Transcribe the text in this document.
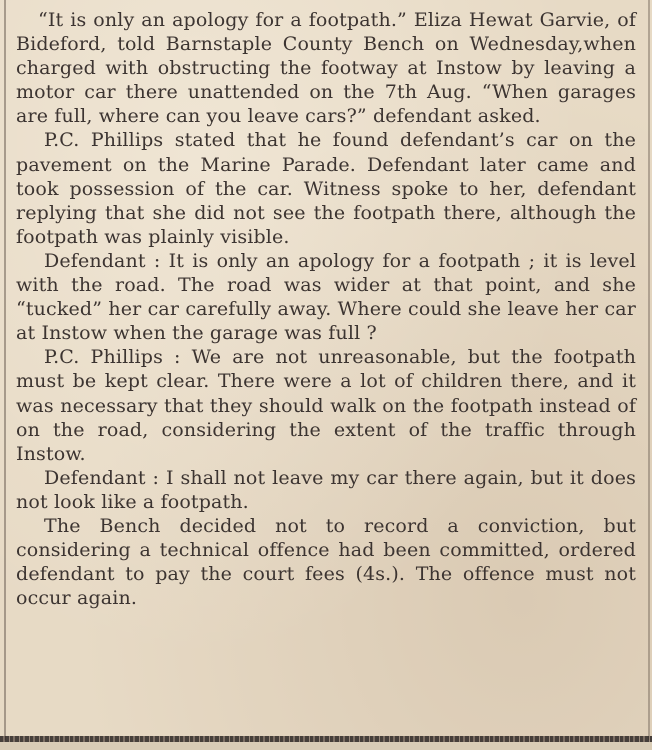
“It is only an apology for a footpath.” Eliza Hewat Garvie, of Bideford, told Barnstaple County Bench on Wednesday,when charged with obstructing the footway at Instow by leaving a motor car there unattended on the 7th Aug. “When garages are full, where can you leave cars?” defendant asked.

P.C. Phillips stated that he found defendant’s car on the pavement on the Marine Parade. Defendant later came and took possession of the car. Witness spoke to her, defendant replying that she did not see the footpath there, although the footpath was plainly visible.

Defendant : It is only an apology for a footpath ; it is level with the road. The road was wider at that point, and she “tucked” her car carefully away. Where could she leave her car at Instow when the garage was full ?

P.C. Phillips : We are not unreasonable, but the footpath must be kept clear. There were a lot of children there, and it was necessary that they should walk on the footpath instead of on the road, considering the extent of the traffic through Instow.

Defendant : I shall not leave my car there again, but it does not look like a footpath.

The Bench decided not to record a conviction, but considering a technical offence had been committed, ordered defendant to pay the court fees (4s.). The offence must not occur again.
